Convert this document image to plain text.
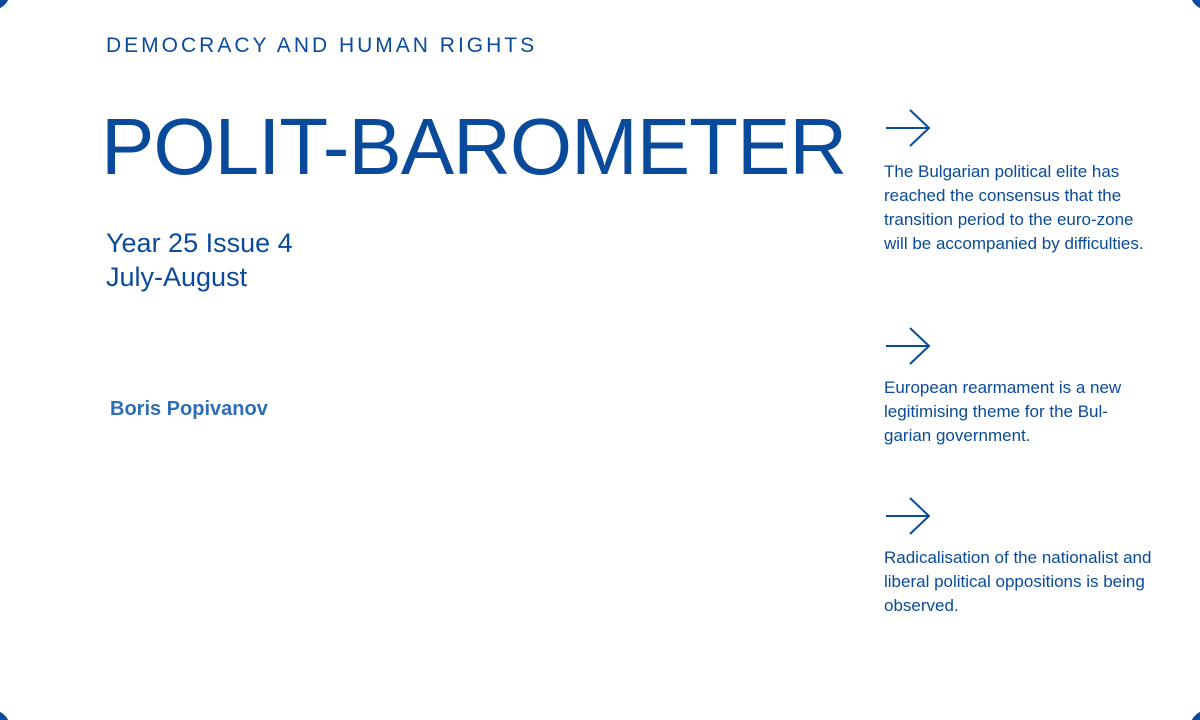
DEMOCRACY AND HUMAN RIGHTS
POLIT-BAROMETER
Year 25 Issue 4
July-August
Boris Popivanov
The Bulgarian political elite has reached the consensus that the transition period to the euro-zone will be accompanied by difficulties.
European rearmament is a new legitimising theme for the Bul-garian government.
Radicalisation of the nationalist and liberal political oppositions is being observed.
